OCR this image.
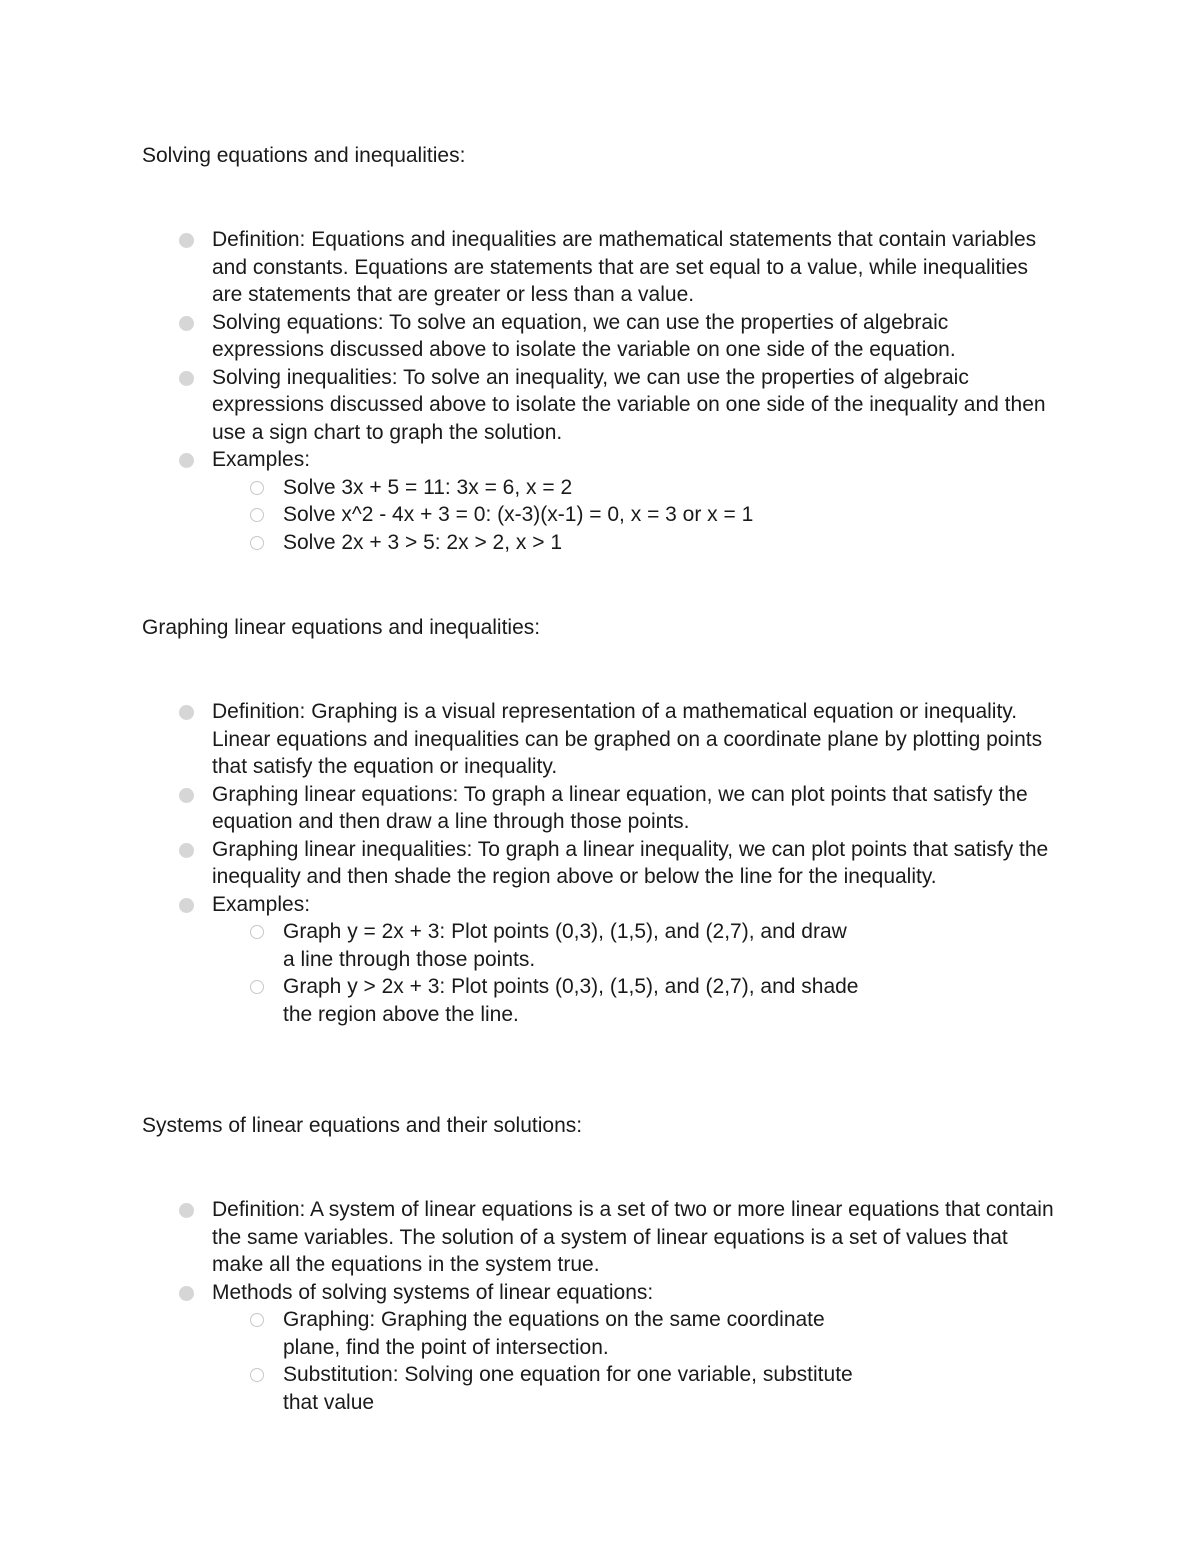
Solving equations and inequalities:
Definition: Equations and inequalities are mathematical statements that contain variables and constants. Equations are statements that are set equal to a value, while inequalities are statements that are greater or less than a value.
Solving equations: To solve an equation, we can use the properties of algebraic expressions discussed above to isolate the variable on one side of the equation.
Solving inequalities: To solve an inequality, we can use the properties of algebraic expressions discussed above to isolate the variable on one side of the inequality and then use a sign chart to graph the solution.
Examples:
Solve 3x + 5 = 11: 3x = 6, x = 2
Solve x^2 - 4x + 3 = 0: (x-3)(x-1) = 0, x = 3 or x = 1
Solve 2x + 3 > 5: 2x > 2, x > 1
Graphing linear equations and inequalities:
Definition: Graphing is a visual representation of a mathematical equation or inequality. Linear equations and inequalities can be graphed on a coordinate plane by plotting points that satisfy the equation or inequality.
Graphing linear equations: To graph a linear equation, we can plot points that satisfy the equation and then draw a line through those points.
Graphing linear inequalities: To graph a linear inequality, we can plot points that satisfy the inequality and then shade the region above or below the line for the inequality.
Examples:
Graph y = 2x + 3: Plot points (0,3), (1,5), and (2,7), and draw a line through those points.
Graph y > 2x + 3: Plot points (0,3), (1,5), and (2,7), and shade the region above the line.
Systems of linear equations and their solutions:
Definition: A system of linear equations is a set of two or more linear equations that contain the same variables. The solution of a system of linear equations is a set of values that make all the equations in the system true.
Methods of solving systems of linear equations:
Graphing: Graphing the equations on the same coordinate plane, find the point of intersection.
Substitution: Solving one equation for one variable, substitute that value
